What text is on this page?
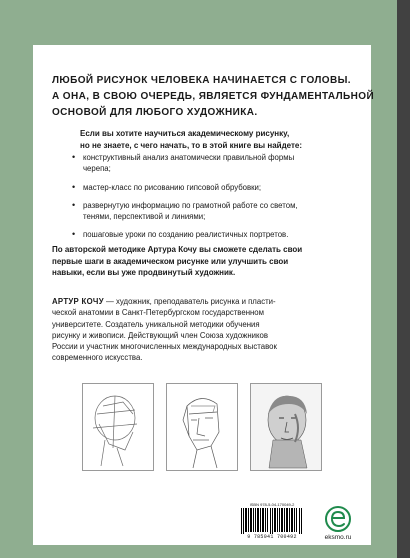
ЛЮБОЙ РИСУНОК ЧЕЛОВЕКА НАЧИНАЕТСЯ С ГОЛОВЫ.
А ОНА, В СВОЮ ОЧЕРЕДЬ, ЯВЛЯЕТСЯ ФУНДАМЕНТАЛЬНОЙ
ОСНОВОЙ ДЛЯ ЛЮБОГО ХУДОЖНИКА.
Если вы хотите научиться академическому рисунку,
но не знаете, с чего начать, то в этой книге вы найдете:
• конструктивный анализ анатомически правильной формы
черепа;
• мастер-класс по рисованию гипсовой обрубовки;
• развернутую информацию по грамотной работе со светом,
тенями, перспективой и линиями;
• пошаговые уроки по созданию реалистичных портретов.
По авторской методике Артура Кочу вы сможете сделать свои
первые шаги в академическом рисунке или улучшить свои
навыки, если вы уже продвинутый художник.
АРТУР КОЧУ — художник, преподаватель рисунка и пласти-
ческой анатомии в Санкт-Петербургском государственном
университете. Создатель уникальной методики обучения
рисунку и живописи. Действующий член Союза художников
России и участник многочисленных международных выставок
современного искусства.
ISBN 978-5-04-170049-2
9 785041 700492	eksmo.ru
